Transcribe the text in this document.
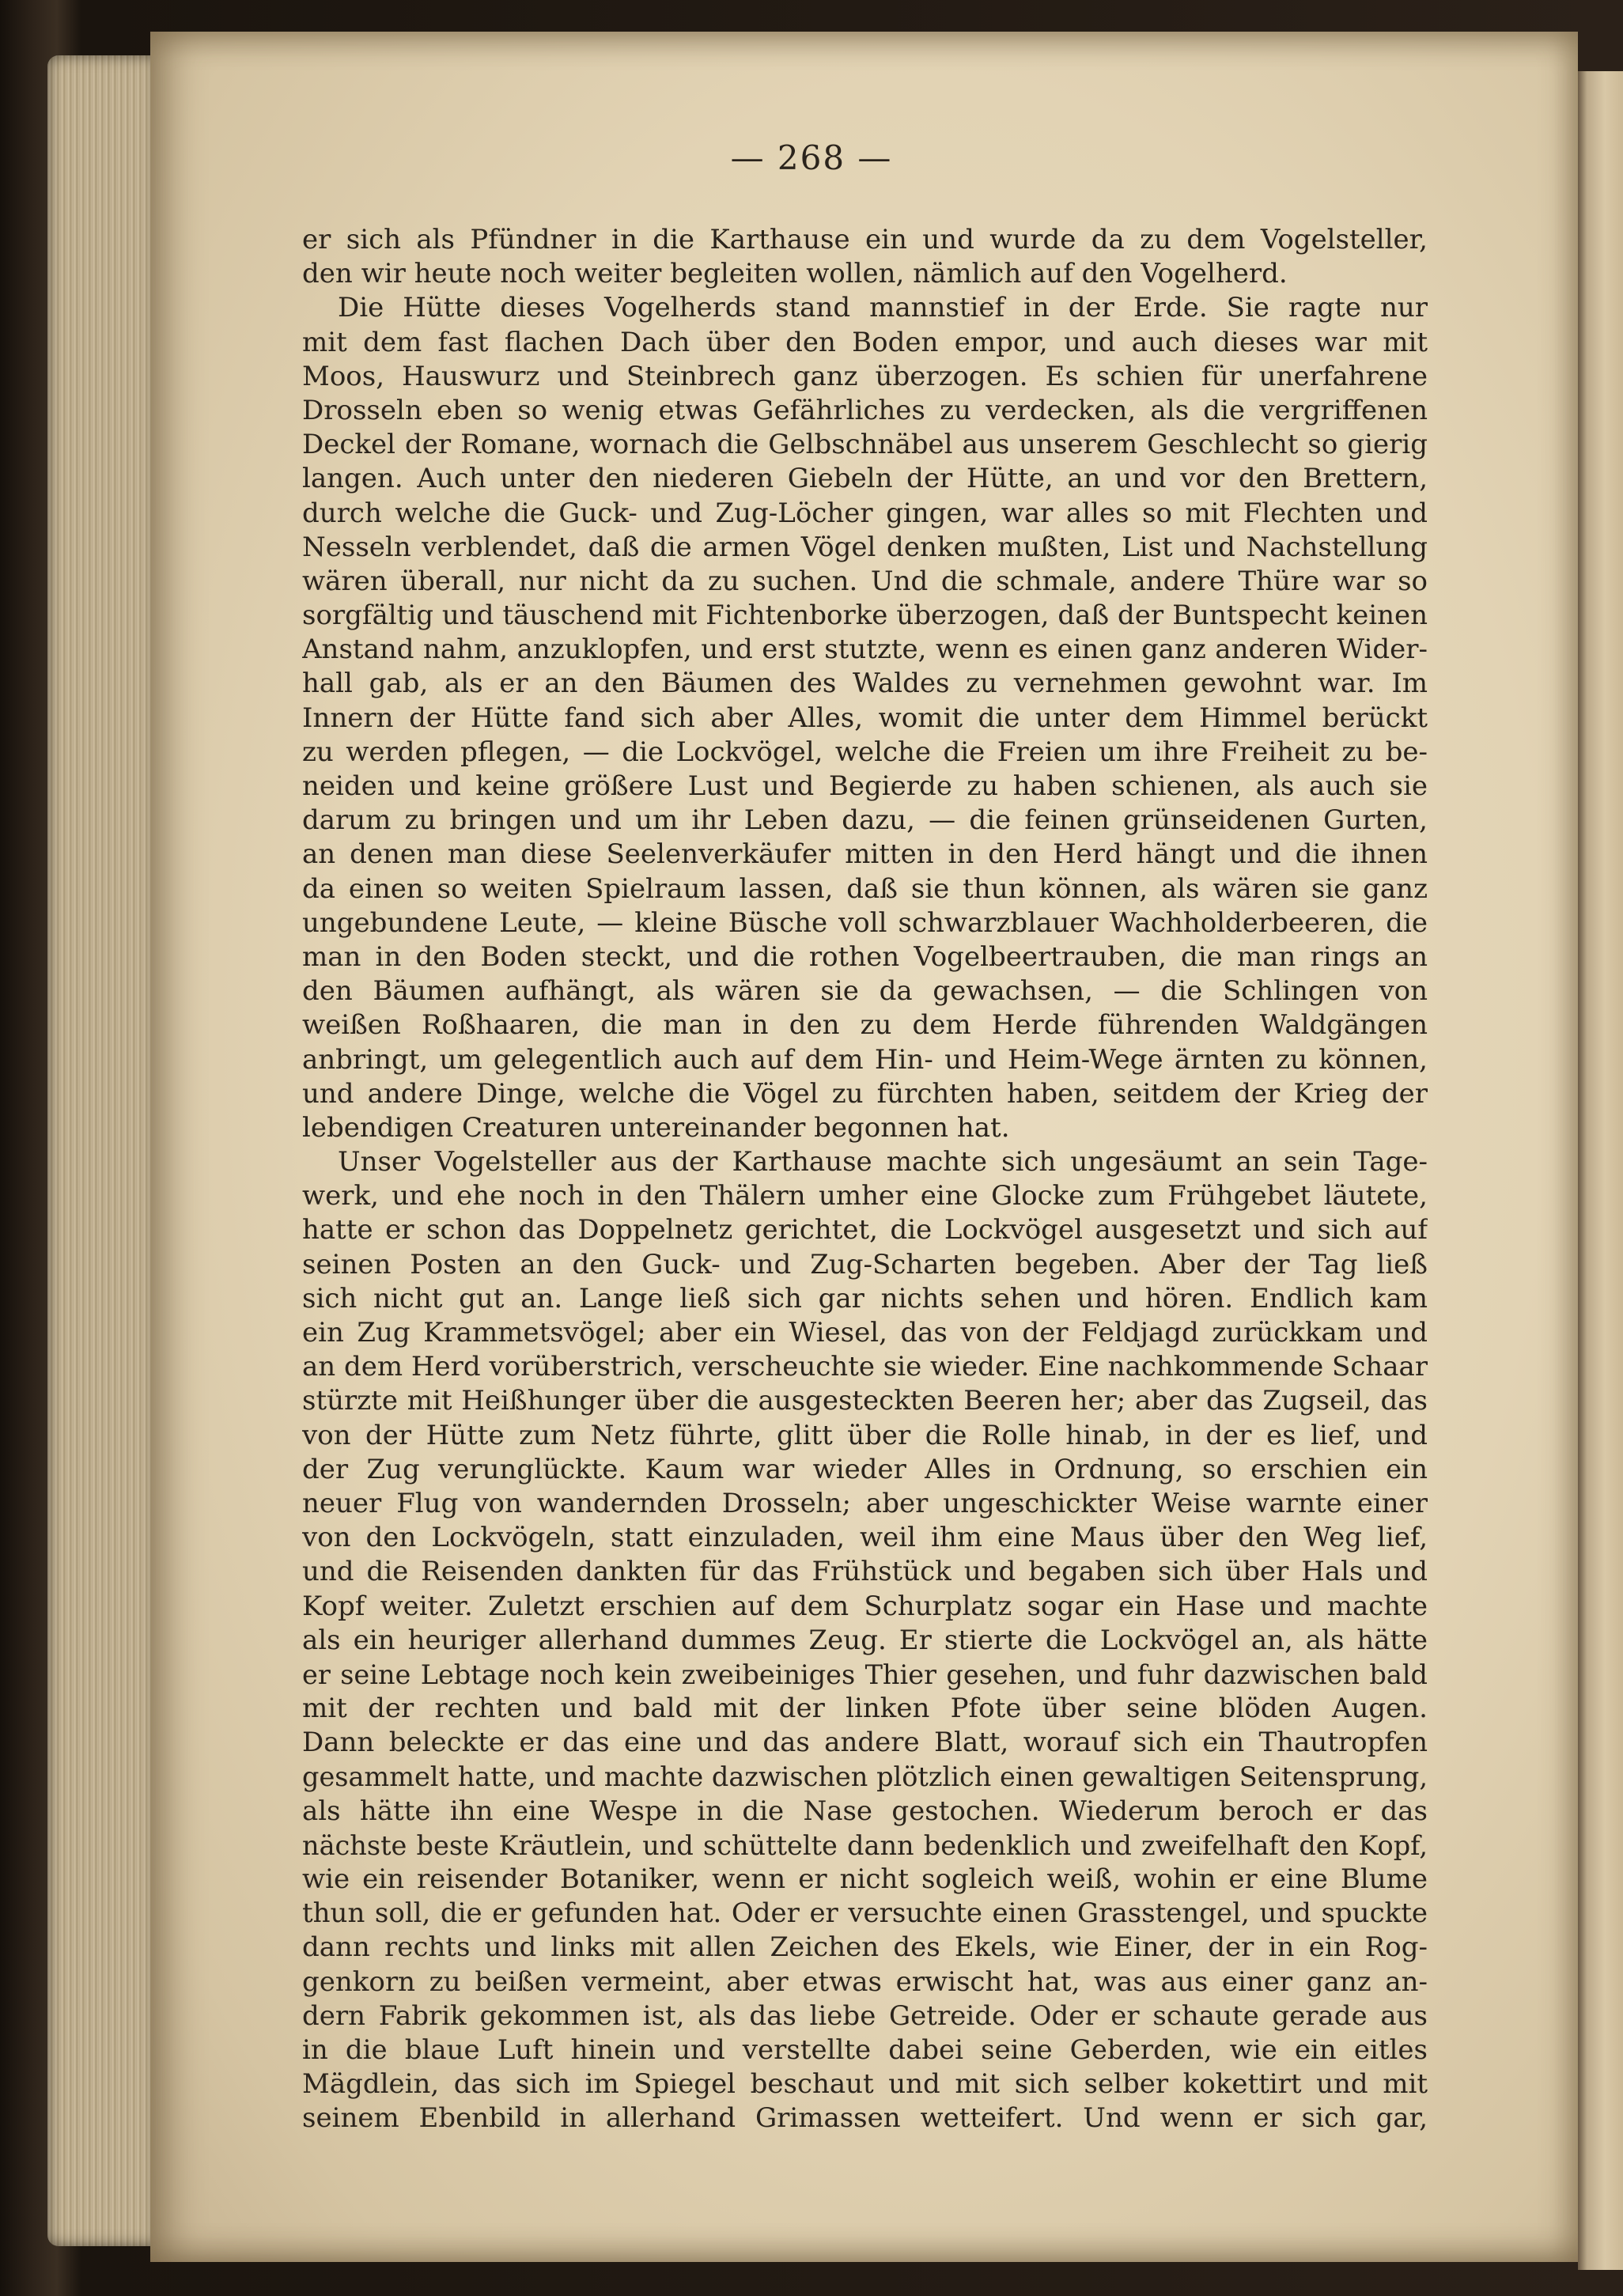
— 268 —
er sich als Pfündner in die Karthause ein und wurde da zu dem Vogelsteller,
den wir heute noch weiter begleiten wollen, nämlich auf den Vogelherd.
Die Hütte dieses Vogelherds stand mannstief in der Erde. Sie ragte nur
mit dem fast flachen Dach über den Boden empor, und auch dieses war mit
Moos, Hauswurz und Steinbrech ganz überzogen. Es schien für unerfahrene
Drosseln eben so wenig etwas Gefährliches zu verdecken, als die vergriffenen
Deckel der Romane, wornach die Gelbschnäbel aus unserem Geschlecht so gierig
langen. Auch unter den niederen Giebeln der Hütte, an und vor den Brettern,
durch welche die Guck- und Zug-Löcher gingen, war alles so mit Flechten und
Nesseln verblendet, daß die armen Vögel denken mußten, List und Nachstellung
wären überall, nur nicht da zu suchen. Und die schmale, andere Thüre war so
sorgfältig und täuschend mit Fichtenborke überzogen, daß der Buntspecht keinen
Anstand nahm, anzuklopfen, und erst stutzte, wenn es einen ganz anderen Wider-
hall gab, als er an den Bäumen des Waldes zu vernehmen gewohnt war. Im
Innern der Hütte fand sich aber Alles, womit die unter dem Himmel berückt
zu werden pflegen, — die Lockvögel, welche die Freien um ihre Freiheit zu be-
neiden und keine größere Lust und Begierde zu haben schienen, als auch sie
darum zu bringen und um ihr Leben dazu, — die feinen grünseidenen Gurten,
an denen man diese Seelenverkäufer mitten in den Herd hängt und die ihnen
da einen so weiten Spielraum lassen, daß sie thun können, als wären sie ganz
ungebundene Leute, — kleine Büsche voll schwarzblauer Wachholderbeeren, die
man in den Boden steckt, und die rothen Vogelbeertrauben, die man rings an
den Bäumen aufhängt, als wären sie da gewachsen, — die Schlingen von
weißen Roßhaaren, die man in den zu dem Herde führenden Waldgängen
anbringt, um gelegentlich auch auf dem Hin- und Heim-Wege ärnten zu können,
und andere Dinge, welche die Vögel zu fürchten haben, seitdem der Krieg der
lebendigen Creaturen untereinander begonnen hat.
Unser Vogelsteller aus der Karthause machte sich ungesäumt an sein Tage-
werk, und ehe noch in den Thälern umher eine Glocke zum Frühgebet läutete,
hatte er schon das Doppelnetz gerichtet, die Lockvögel ausgesetzt und sich auf
seinen Posten an den Guck- und Zug-Scharten begeben. Aber der Tag ließ
sich nicht gut an. Lange ließ sich gar nichts sehen und hören. Endlich kam
ein Zug Krammetsvögel; aber ein Wiesel, das von der Feldjagd zurückkam und
an dem Herd vorüberstrich, verscheuchte sie wieder. Eine nachkommende Schaar
stürzte mit Heißhunger über die ausgesteckten Beeren her; aber das Zugseil, das
von der Hütte zum Netz führte, glitt über die Rolle hinab, in der es lief, und
der Zug verunglückte. Kaum war wieder Alles in Ordnung, so erschien ein
neuer Flug von wandernden Drosseln; aber ungeschickter Weise warnte einer
von den Lockvögeln, statt einzuladen, weil ihm eine Maus über den Weg lief,
und die Reisenden dankten für das Frühstück und begaben sich über Hals und
Kopf weiter. Zuletzt erschien auf dem Schurplatz sogar ein Hase und machte
als ein heuriger allerhand dummes Zeug. Er stierte die Lockvögel an, als hätte
er seine Lebtage noch kein zweibeiniges Thier gesehen, und fuhr dazwischen bald
mit der rechten und bald mit der linken Pfote über seine blöden Augen.
Dann beleckte er das eine und das andere Blatt, worauf sich ein Thautropfen
gesammelt hatte, und machte dazwischen plötzlich einen gewaltigen Seitensprung,
als hätte ihn eine Wespe in die Nase gestochen. Wiederum beroch er das
nächste beste Kräutlein, und schüttelte dann bedenklich und zweifelhaft den Kopf,
wie ein reisender Botaniker, wenn er nicht sogleich weiß, wohin er eine Blume
thun soll, die er gefunden hat. Oder er versuchte einen Grasstengel, und spuckte
dann rechts und links mit allen Zeichen des Ekels, wie Einer, der in ein Rog-
genkorn zu beißen vermeint, aber etwas erwischt hat, was aus einer ganz an-
dern Fabrik gekommen ist, als das liebe Getreide. Oder er schaute gerade aus
in die blaue Luft hinein und verstellte dabei seine Geberden, wie ein eitles
Mägdlein, das sich im Spiegel beschaut und mit sich selber kokettirt und mit
seinem Ebenbild in allerhand Grimassen wetteifert. Und wenn er sich gar,
